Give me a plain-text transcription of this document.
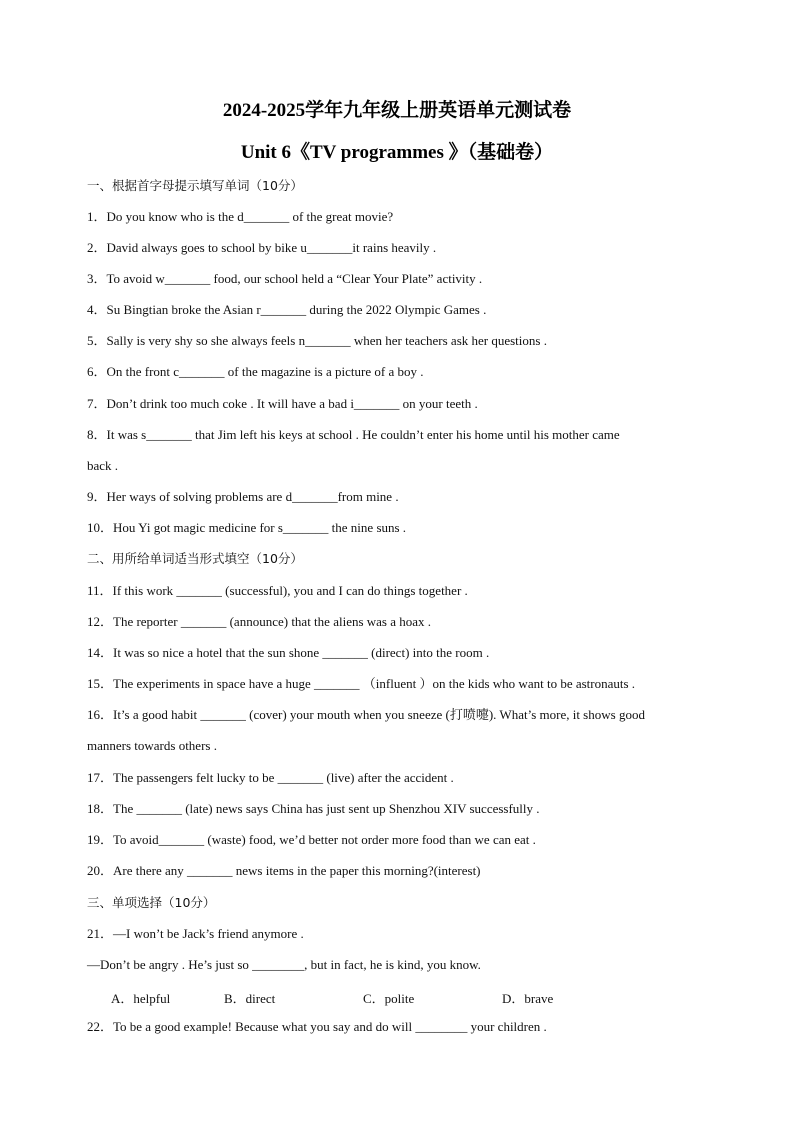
2024-2025学年九年级上册英语单元测试卷
Unit 6《TV programmes 》（基础卷）
一、根据首字母提示填写单词（10分）
1．Do you know who is the d_______ of the great movie?
2．David always goes to school by bike u_______it rains heavily .
3．To avoid w_______ food, our school held a “Clear Your Plate” activity .
4．Su Bingtian broke the Asian r_______ during the 2022 Olympic Games .
5．Sally is very shy so she always feels n_______ when her teachers ask her questions .
6．On the front c_______ of the magazine is a picture of a boy .
7．Don’t drink too much coke . It will have a bad i_______ on your teeth .
8．It was s_______ that Jim left his keys at school . He couldn’t enter his home until his mother came
back .
9．Her ways of solving problems are d_______from mine .
10．Hou Yi got magic medicine for s_______ the nine suns .
二、用所给单词适当形式填空（10分）
11．If this work _______ (successful), you and I can do things together .
12．The reporter _______ (announce) that the aliens was a hoax .
14．It was so nice a hotel that the sun shone _______ (direct) into the room .
15．The experiments in space have a huge _______ （influent ）on the kids who want to be astronauts .
16．It’s a good habit _______ (cover) your mouth when you sneeze (打喷嚏). What’s more, it shows good
manners towards others .
17．The passengers felt lucky to be _______ (live) after the accident .
18．The _______ (late) news says China has just sent up Shenzhou XIV successfully .
19．To avoid_______ (waste) food, we’d better not order more food than we can eat .
20．Are there any _______ news items in the paper this morning?(interest)
三、单项选择（10分）
21．—I won’t be Jack’s friend anymore .
—Don’t be angry . He’s just so ________, but in fact, he is kind, you know.
A．helpful	B．direct	C．polite	D．brave
22．To be a good example! Because what you say and do will ________ your children .
